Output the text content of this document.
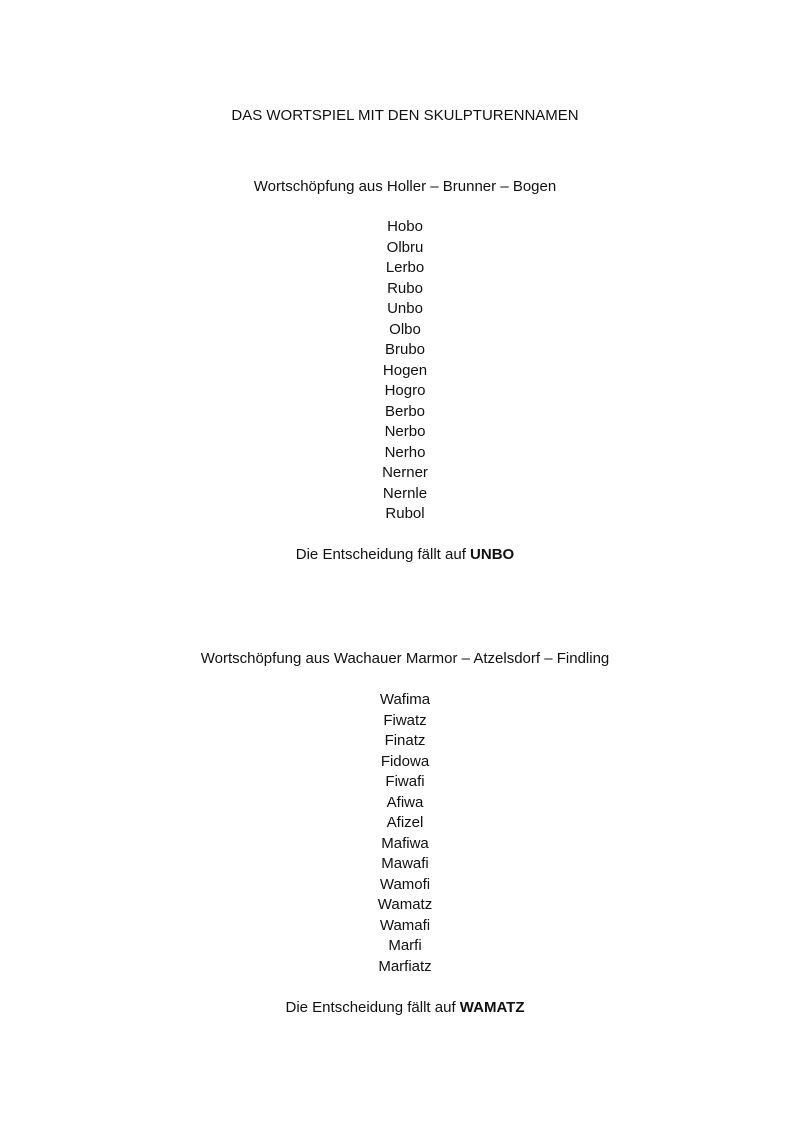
DAS WORTSPIEL MIT DEN SKULPTURENNAMEN
Wortschöpfung aus Holler – Brunner – Bogen
Hobo
Olbru
Lerbo
Rubo
Unbo
Olbo
Brubo
Hogen
Hogro
Berbo
Nerbo
Nerho
Nerner
Nernle
Rubol
Die Entscheidung fällt auf UNBO
Wortschöpfung aus Wachauer Marmor – Atzelsdorf – Findling
Wafima
Fiwatz
Finatz
Fidowa
Fiwafi
Afiwa
Afizel
Mafiwa
Mawafi
Wamofi
Wamatz
Wamafi
Marfi
Marfiatz
Die Entscheidung fällt auf WAMATZ
